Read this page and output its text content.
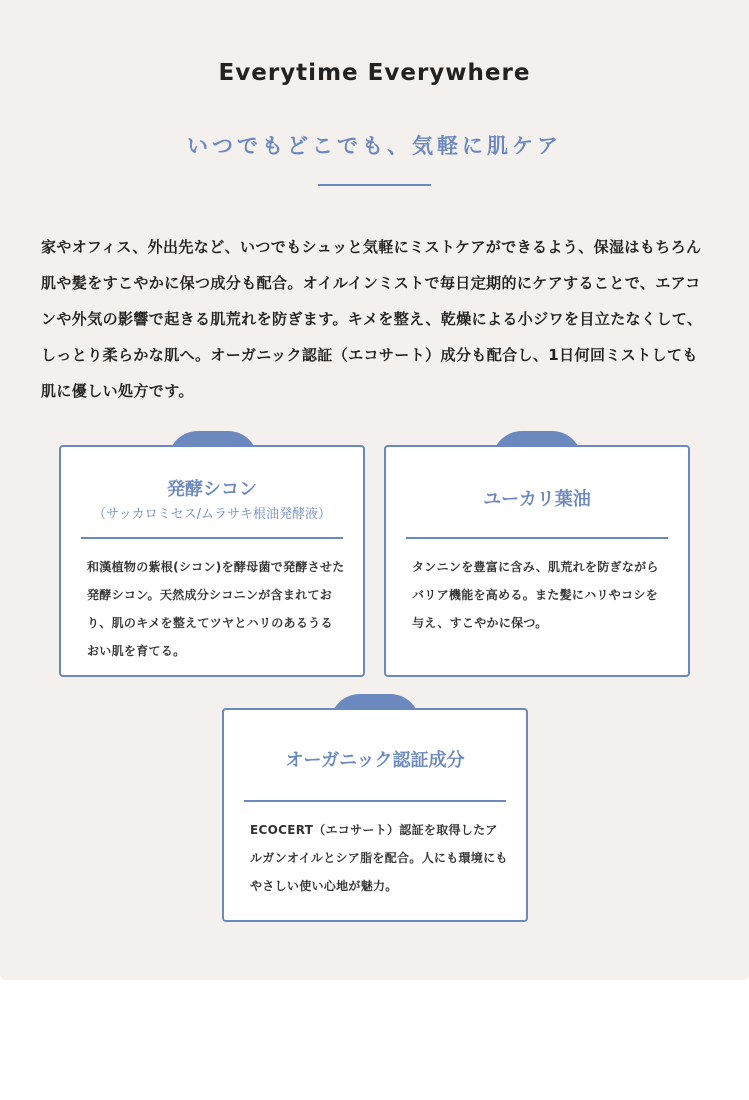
Everytime Everywhere
いつでもどこでも、気軽に肌ケア

家やオフィス、外出先など、いつでもシュッと気軽にミストケアができるよう、保湿はもちろん肌や髪をすこやかに保つ成分も配合。オイルインミストで毎日定期的にケアすることで、エアコンや外気の影響で起きる肌荒れを防ぎます。キメを整え、乾燥による小ジワを目立たなくして、しっとり柔らかな肌へ。オーガニック認証（エコサート）成分も配合し、1日何回ミストしても肌に優しい処方です。

発酵シコン
（サッカロミセス/ムラサキ根油発酵液）

和漢植物の紫根(シコン)を酵母菌で発酵させた発酵シコン。天然成分シコニンが含まれており、肌のキメを整えてツヤとハリのあるうるおい肌を育てる。

ユーカリ葉油

タンニンを豊富に含み、肌荒れを防ぎながらバリア機能を高める。また髪にハリやコシを与え、すこやかに保つ。

オーガニック認証成分

ECOCERT（エコサート）認証を取得したアルガンオイルとシア脂を配合。人にも環境にもやさしい使い心地が魅力。
